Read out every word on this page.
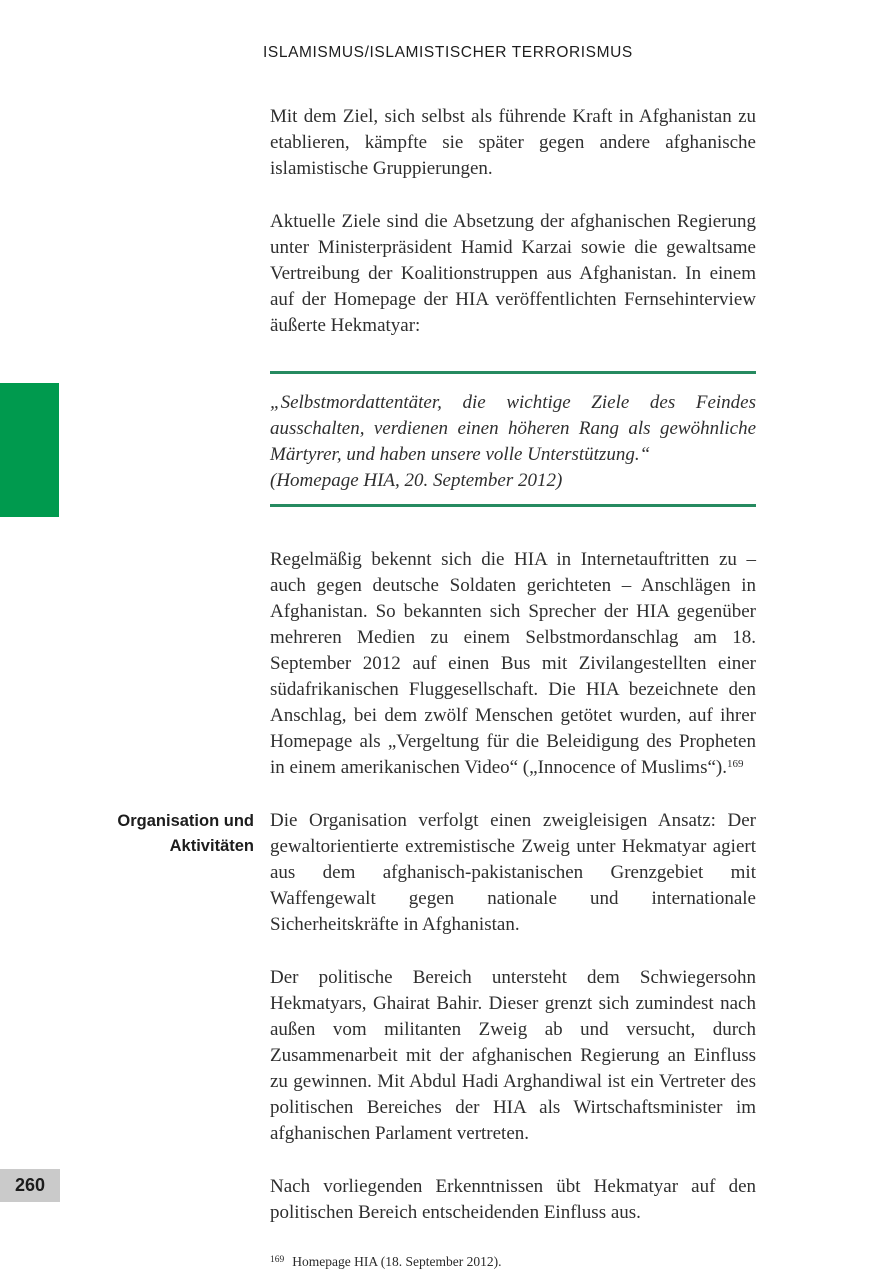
ISLAMISMUS/ISLAMISTISCHER TERRORISMUS

Mit dem Ziel, sich selbst als führende Kraft in Afghanistan zu etablieren, kämpfte sie später gegen andere afghanische islamistische Gruppierungen.

Aktuelle Ziele sind die Absetzung der afghanischen Regierung unter Ministerpräsident Hamid Karzai sowie die gewaltsame Vertreibung der Koalitionstruppen aus Afghanistan. In einem auf der Homepage der HIA veröffentlichten Fernsehinterview äußerte Hekmatyar:

„Selbstmordattentäter, die wichtige Ziele des Feindes ausschalten, verdienen einen höheren Rang als gewöhnliche Märtyrer, und haben unsere volle Unterstützung.“

(Homepage HIA, 20. September 2012)

Regelmäßig bekennt sich die HIA in Internetauftritten zu – auch gegen deutsche Soldaten gerichteten – Anschlägen in Afghanistan. So bekannten sich Sprecher der HIA gegenüber mehreren Medien zu einem Selbstmordanschlag am 18. September 2012 auf einen Bus mit Zivilangestellten einer südafrikanischen Fluggesellschaft. Die HIA bezeichnete den Anschlag, bei dem zwölf Menschen getötet wurden, auf ihrer Homepage als „Vergeltung für die Beleidigung des Propheten in einem amerikanischen Video“ („Innocence of Muslims“).$^{169}$

Organisation und Aktivitäten

Die Organisation verfolgt einen zweigleisigen Ansatz: Der gewaltorientierte extremistische Zweig unter Hekmatyar agiert aus dem afghanisch-pakistanischen Grenzgebiet mit Waffengewalt gegen nationale und internationale Sicherheitskräfte in Afghanistan.

Der politische Bereich untersteht dem Schwiegersohn Hekmatyars, Ghairat Bahir. Dieser grenzt sich zumindest nach außen vom militanten Zweig ab und versucht, durch Zusammenarbeit mit der afghanischen Regierung an Einfluss zu gewinnen. Mit Abdul Hadi Arghandiwal ist ein Vertreter des politischen Bereiches der HIA als Wirtschaftsminister im afghanischen Parlament vertreten.

Nach vorliegenden Erkenntnissen übt Hekmatyar auf den politischen Bereich entscheidenden Einfluss aus.

$^{169}$ Homepage HIA (18. September 2012).
260
